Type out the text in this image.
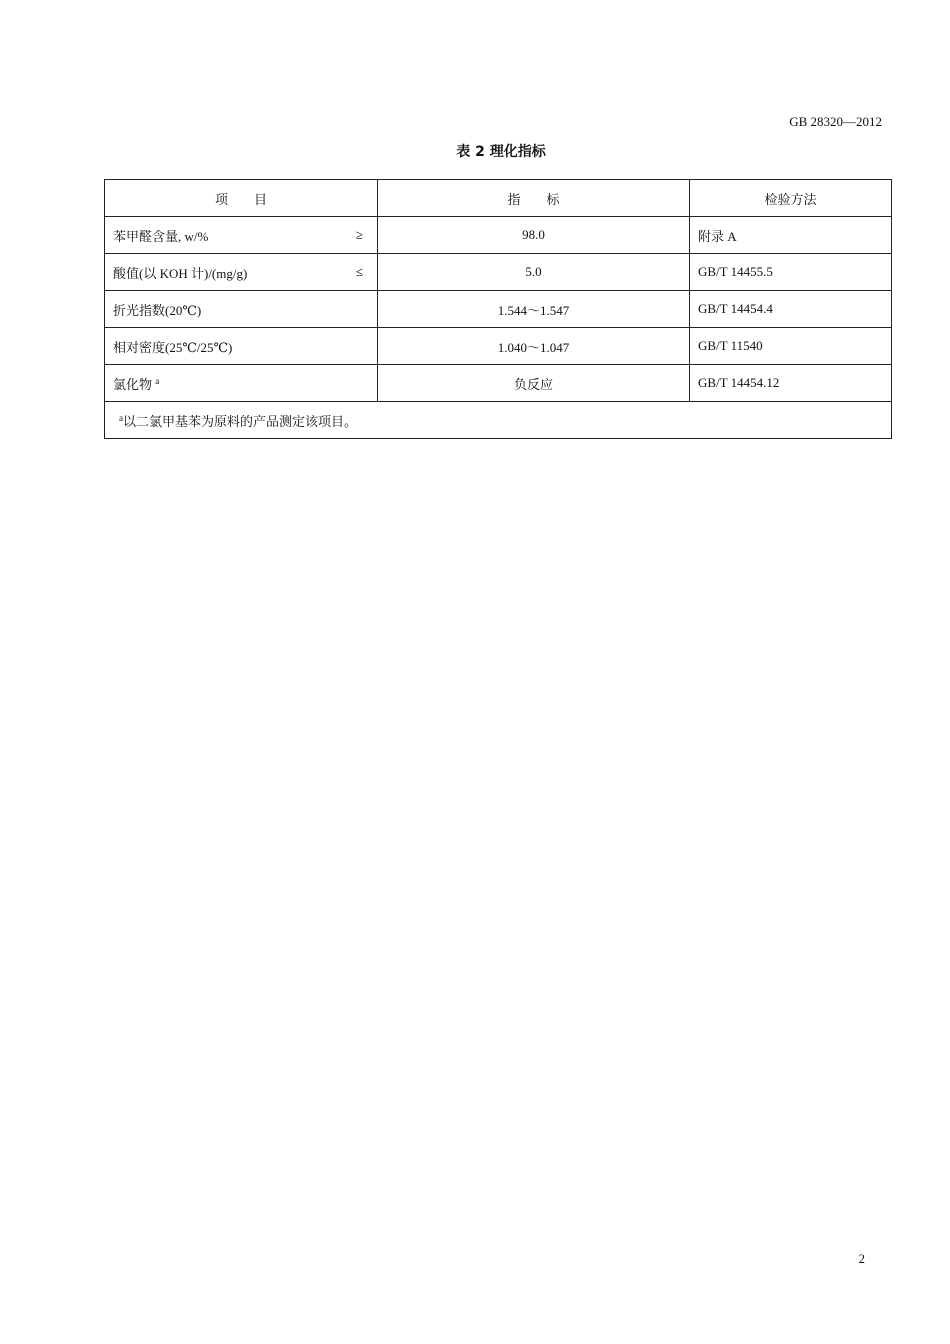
GB 28320—2012
表 2 理化指标
项　　目	指　　标	检验方法

苯甲醛含量, w/% ≥	98.0	附录 A

酸值(以 KOH 计)/(mg/g) ≤	5.0	GB/T 14455.5

折光指数(20℃)	1.544～1.547	GB/T 14454.4

相对密度(25℃/25℃)	1.040～1.047	GB/T 11540

氯化物 $^a$	负反应	GB/T 14454.12
$^a$以二氯甲基苯为原料的产品测定该项目。		
2
